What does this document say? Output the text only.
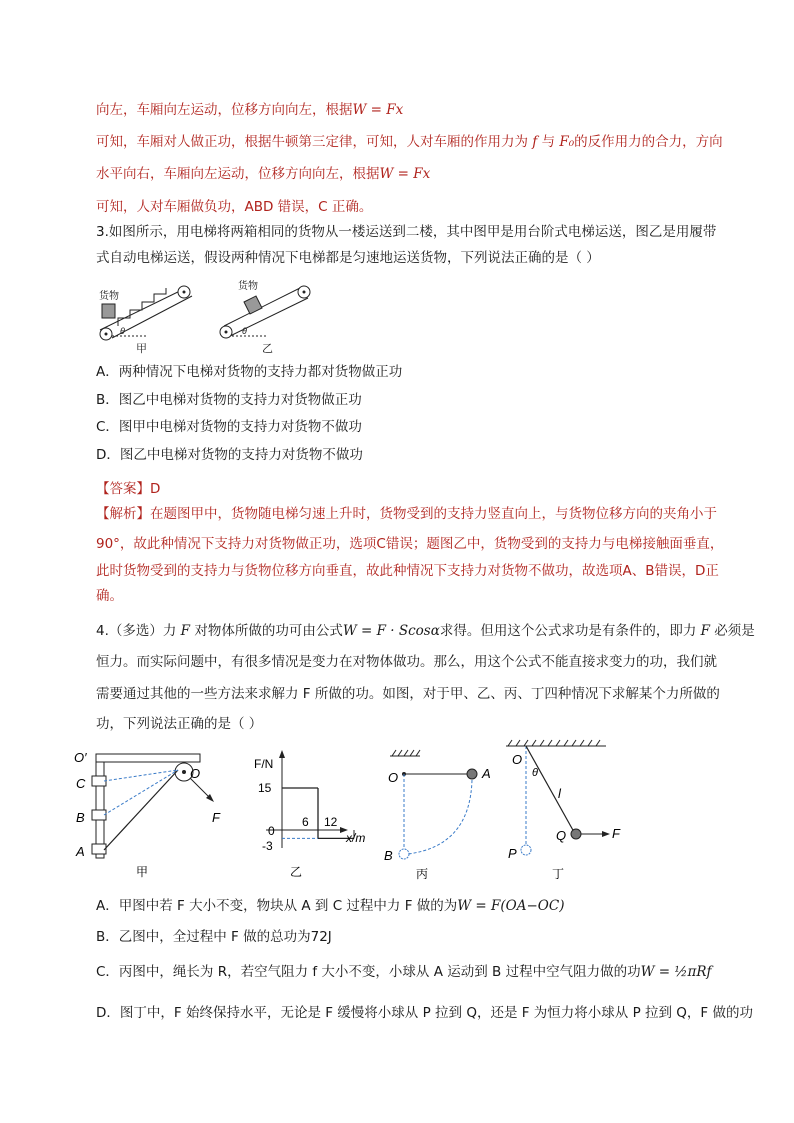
向左，车厢向左运动，位移方向向左，根据W = Fx
可知，车厢对人做正功，根据牛顿第三定律，可知，人对车厢的作用力为 f 与 F₀的反作用力的合力，方向
水平向右，车厢向左运动，位移方向向左，根据W = Fx
可知，人对车厢做负功，ABD 错误，C 正确。
3.如图所示，用电梯将两箱相同的货物从一楼运送到二楼，其中图甲是用台阶式电梯运送，图乙是用履带
式自动电梯运送，假设两种情况下电梯都是匀速地运送货物，下列说法正确的是（ ）
货物
θ
甲
货物
θ
乙
A．两种情况下电梯对货物的支持力都对货物做正功
B．图乙中电梯对货物的支持力对货物做正功
C．图甲中电梯对货物的支持力对货物不做功
D．图乙中电梯对货物的支持力对货物不做功
【答案】D
【解析】在题图甲中，货物随电梯匀速上升时，货物受到的支持力竖直向上，与货物位移方向的夹角小于
90°，故此种情况下支持力对货物做正功，选项C错误；题图乙中，货物受到的支持力与电梯接触面垂直，
此时货物受到的支持力与货物位移方向垂直，故此种情况下支持力对货物不做功，故选项A、B错误，D正
确。
4.（多选）力 F 对物体所做的功可由公式W = F · Scosα求得。但用这个公式求功是有条件的，即力 F 必须是
恒力。而实际问题中，有很多情况是变力在对物体做功。那么，用这个公式不能直接求变力的功，我们就
需要通过其他的一些方法来求解力 F 所做的功。如图，对于甲、乙、丙、丁四种情况下求解某个力所做的
功，下列说法正确的是（ ）
O′
O
C
B
A
F
甲
F/N
x/m
15
0
-3
6 12
乙
O	A
B
丙
O
θ
l
Q	F
P
丁
A．甲图中若 F 大小不变，物块从 A 到 C 过程中力 F 做的为W = F(OA−OC)
B．乙图中，全过程中 F 做的总功为72J
C．丙图中，绳长为 R，若空气阻力 f 大小不变，小球从 A 运动到 B 过程中空气阻力做的功W = ½πRf
D．图丁中，F 始终保持水平，无论是 F 缓慢将小球从 P 拉到 Q，还是 F 为恒力将小球从 P 拉到 Q，F 做的功
